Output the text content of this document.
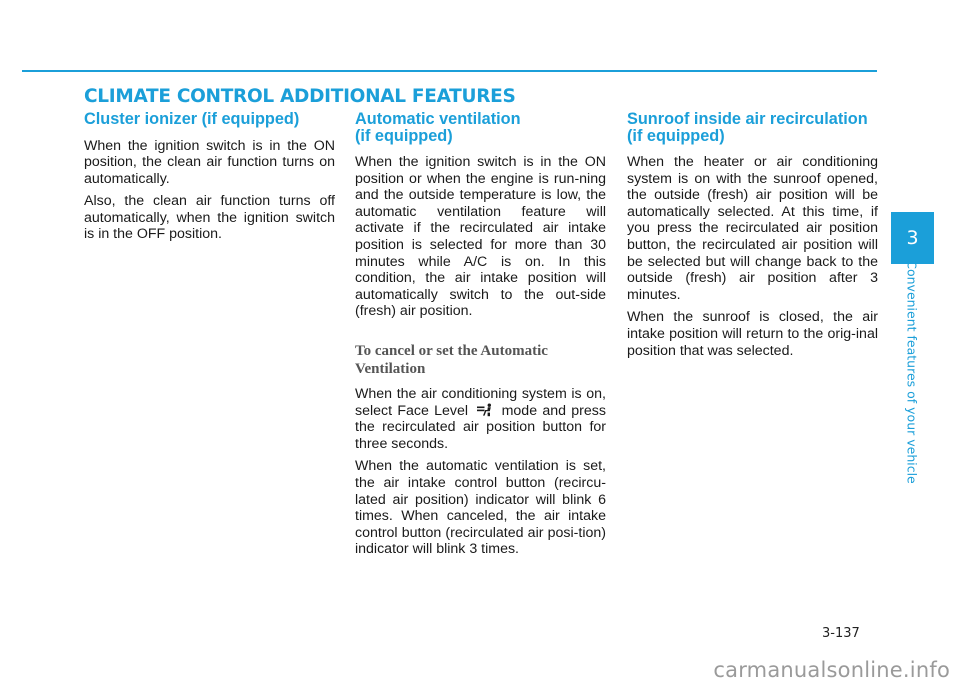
CLIMATE CONTROL ADDITIONAL FEATURES
Cluster ionizer (if equipped)

When the ignition switch is in the ON position, the clean air function turns on automatically.

Also, the clean air function turns off automatically, when the ignition switch is in the OFF position.

Automatic ventilation
(if equipped)

When the ignition switch is in the ON position or when the engine is run-ning and the outside temperature is low, the automatic ventilation feature will activate if the recirculated air intake position is selected for more than 30 minutes while A/C is on. In this condition, the air intake position will automatically switch to the out-side (fresh) air position.

To cancel or set the Automatic Ventilation

When the air conditioning system is on, select Face Level mode and press the recirculated air position button for three seconds.

When the automatic ventilation is set, the air intake control button (recircu-lated air position) indicator will blink 6 times. When canceled, the air intake control button (recirculated air posi-tion) indicator will blink 3 times.

Sunroof inside air recirculation
(if equipped)

When the heater or air conditioning system is on with the sunroof opened, the outside (fresh) air position will be automatically selected. At this time, if you press the recirculated air position button, the recirculated air position will be selected but will change back to the outside (fresh) air position after 3 minutes.

When the sunroof is closed, the air intake position will return to the orig-inal position that was selected.

3
Convenient features of your vehicle
3-137
carmanualsonline.info
